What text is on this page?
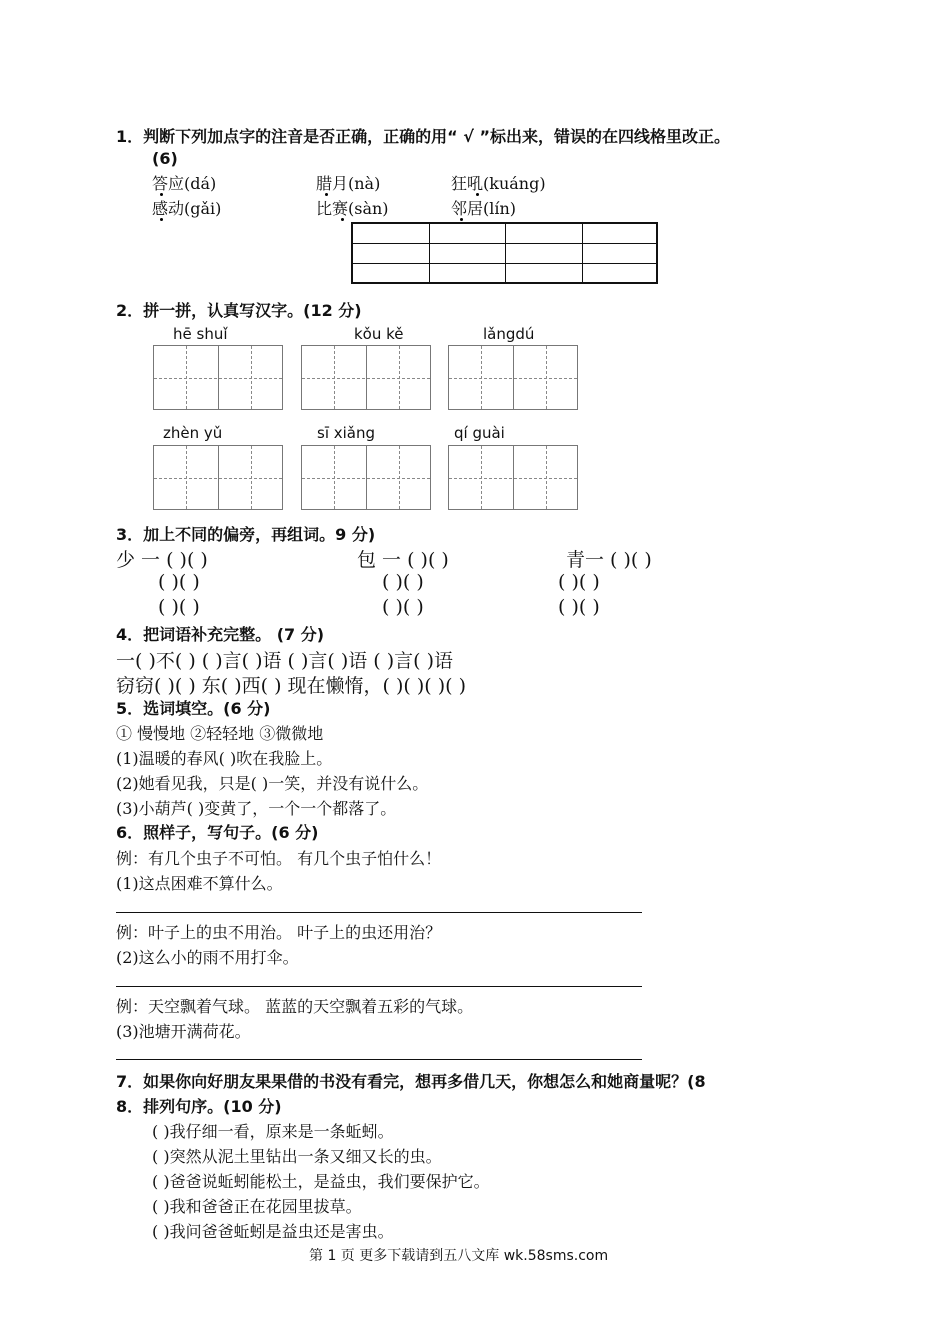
1．判断下列加点字的注音是否正确，正确的用“ √ ”标出来，错误的在四线格里改正。
(6)
答应(dá)	腊月(nà)	狂吼(kuáng)
感动(gǎi)	比赛(sàn)	邻居(lín)
2．拼一拼，认真写汉字。(12 分)
hē shuǐ	kǒu kě	lǎngdú
zhèn yǔ	sī xiǎng	qí guài
3．加上不同的偏旁，再组词。9 分)
少 一 ( )( )	包 一 ( )( )	青一 ( )( )
( )( )	( )( )	( )( )
( )( )	( )( )	( )( )
4．把词语补充完整。 (7 分)
一( )不( ) ( )言( )语 ( )言( )语 ( )言( )语
窃窃( )( ) 东( )西( ) 现在懒惰，( )( )( )( )
5．选词填空。(6 分)
① 慢慢地 ②轻轻地 ③微微地
(1)温暖的春风( )吹在我脸上。
(2)她看见我，只是( )一笑，并没有说什么。
(3)小葫芦( )变黄了，一个一个都落了。
6．照样子，写句子。(6 分)
例：有几个虫子不可怕。 有几个虫子怕什么！
(1)这点困难不算什么。
例：叶子上的虫不用治。 叶子上的虫还用治？
(2)这么小的雨不用打伞。
例：天空飘着气球。 蓝蓝的天空飘着五彩的气球。
(3)池塘开满荷花。
7．如果你向好朋友果果借的书没有看完，想再多借几天，你想怎么和她商量呢？(8
8．排列句序。(10 分)
( )我仔细一看，原来是一条蚯蚓。
( )突然从泥土里钻出一条又细又长的虫。
( )爸爸说蚯蚓能松土，是益虫，我们要保护它。
( )我和爸爸正在花园里拔草。
( )我问爸爸蚯蚓是益虫还是害虫。
第 1 页 更多下载请到五八文库 wk.58sms.com
